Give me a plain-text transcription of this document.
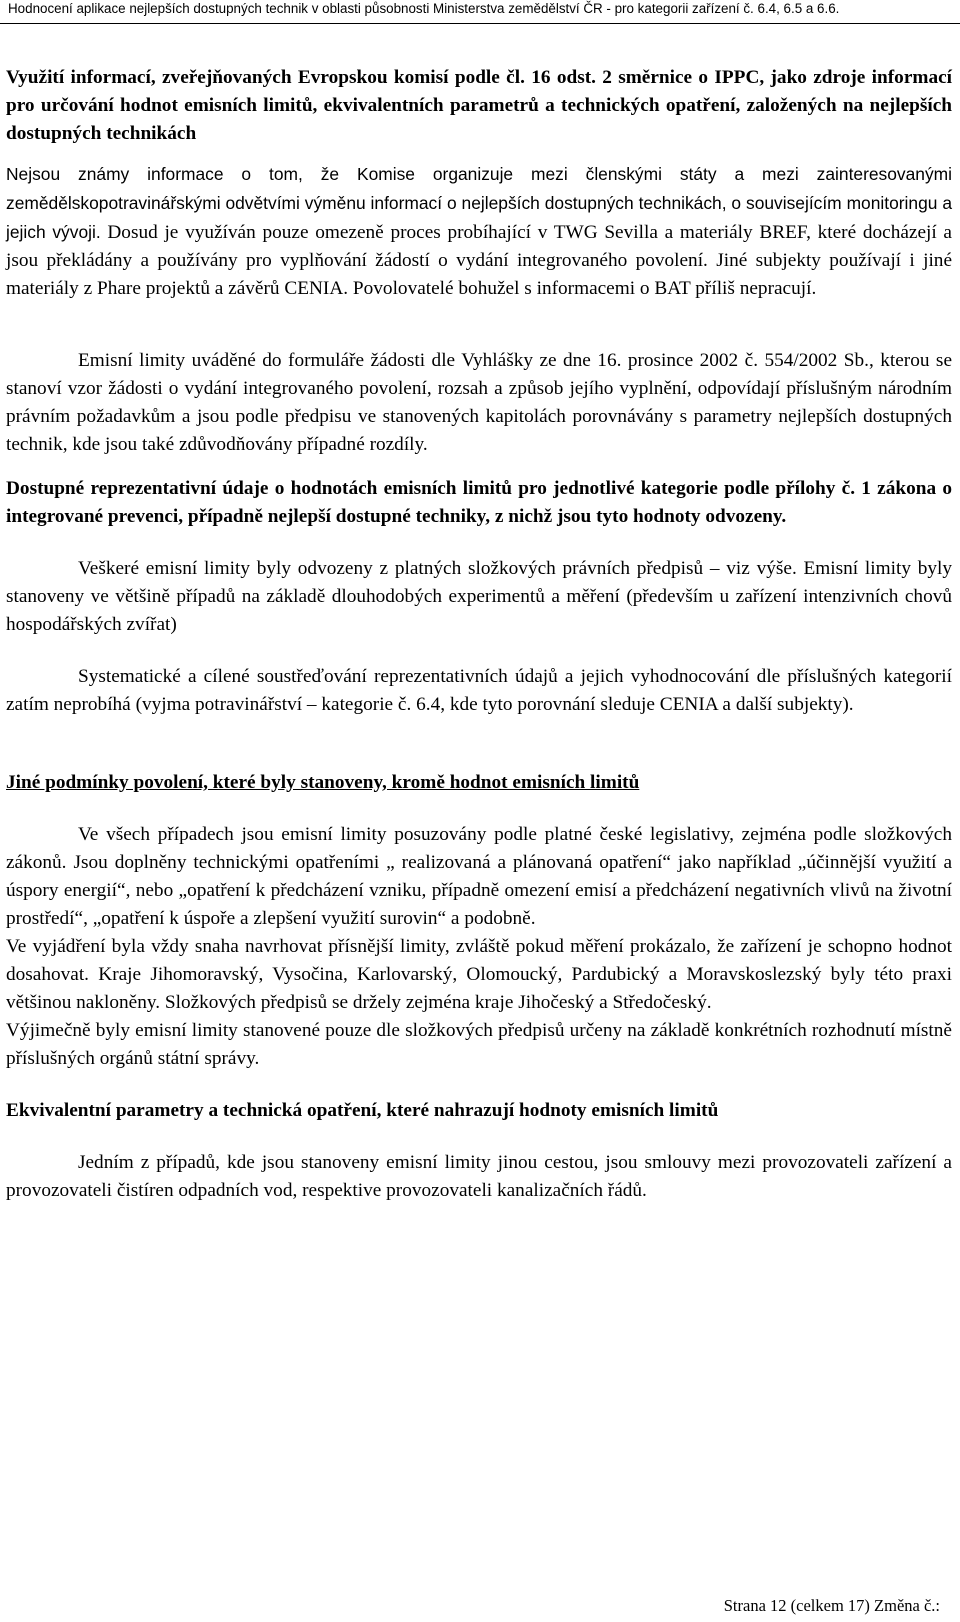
Hodnocení aplikace nejlepších dostupných technik v oblasti působnosti Ministerstva zemědělství ČR - pro kategorii zařízení č. 6.4, 6.5 a 6.6.
Využití informací, zveřejňovaných Evropskou komisí podle čl. 16 odst. 2 směrnice o IPPC, jako zdroje informací pro určování hodnot emisních limitů, ekvivalentních parametrů a technických opatření, založených na nejlepších dostupných technikách

Nejsou známy informace o tom, že Komise organizuje mezi členskými státy a mezi zainteresovanými zemědělskopotravinářskými odvětvími výměnu informací o nejlepších dostupných technikách, o souvisejícím monitoringu a jejich vývoji. Dosud je využíván pouze omezeně proces probíhající v TWG Sevilla a materiály BREF, které docházejí a jsou překládány a používány pro vyplňování žádostí o vydání integrovaného povolení. Jiné subjekty používají i jiné materiály z Phare projektů a závěrů CENIA. Povolovatelé bohužel s informacemi o BAT příliš nepracují.

Emisní limity uváděné do formuláře žádosti dle Vyhlášky ze dne 16. prosince 2002 č. 554/2002 Sb., kterou se stanoví vzor žádosti o vydání integrovaného povolení, rozsah a způsob jejího vyplnění, odpovídají příslušným národním právním požadavkům a jsou podle předpisu ve stanovených kapitolách porovnávány s parametry nejlepších dostupných technik, kde jsou také zdůvodňovány případné rozdíly.

Dostupné reprezentativní údaje o hodnotách emisních limitů pro jednotlivé kategorie podle přílohy č. 1 zákona o integrované prevenci, případně nejlepší dostupné techniky, z nichž jsou tyto hodnoty odvozeny.

Veškeré emisní limity byly odvozeny z platných složkových právních předpisů – viz výše. Emisní limity byly stanoveny ve většině případů na základě dlouhodobých experimentů a měření (především u zařízení intenzivních chovů hospodářských zvířat)

Systematické a cílené soustřeďování reprezentativních údajů a jejich vyhodnocování dle příslušných kategorií zatím neprobíhá (vyjma potravinářství – kategorie č. 6.4, kde tyto porovnání sleduje CENIA a další subjekty).

Jiné podmínky povolení, které byly stanoveny, kromě hodnot emisních limitů

Ve všech případech jsou emisní limity posuzovány podle platné české legislativy, zejména podle složkových zákonů. Jsou doplněny technickými opatřeními „ realizovaná a plánovaná opatření“ jako například „účinnější využití a úspory energií“, nebo „opatření k předcházení vzniku, případně omezení emisí a předcházení negativních vlivů na životní prostředí“, „opatření k úspoře a zlepšení využití surovin“ a podobně.

Ve vyjádření byla vždy snaha navrhovat přísnější limity, zvláště pokud měření prokázalo, že zařízení je schopno hodnot dosahovat. Kraje Jihomoravský, Vysočina, Karlovarský, Olomoucký, Pardubický a Moravskoslezský byly této praxi většinou nakloněny. Složkových předpisů se držely zejména kraje Jihočeský a Středočeský.

Výjimečně byly emisní limity stanovené pouze dle složkových předpisů určeny na základě konkrétních rozhodnutí místně příslušných orgánů státní správy.

Ekvivalentní parametry a technická opatření, které nahrazují hodnoty emisních limitů

Jedním z případů, kde jsou stanoveny emisní limity jinou cestou, jsou smlouvy mezi provozovateli zařízení a provozovateli čistíren odpadních vod, respektive provozovateli kanalizačních řádů.

Strana 12 (celkem 17) Změna č.:
